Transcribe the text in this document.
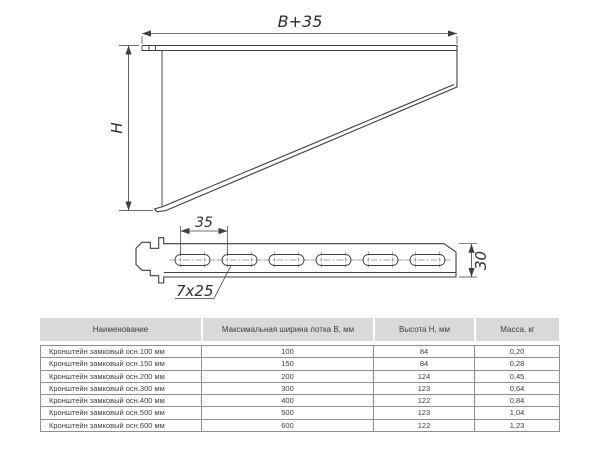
B+35
H
35
7x25
30
Наименование	Максимальная ширина лотка В, мм	Высота Н, мм	Масса, кг
Кронштейн замковый осн.100 мм	100	84	0,20
Кронштейн замковый осн.150 мм	150	84	0,28
Кронштейн замковый осн.200 мм	200	124	0,45
Кронштейн замковый осн.300 мм	300	123	0,64
Кронштейн замковый осн.400 мм	400	122	0,84
Кронштейн замковый осн.500 мм	500	123	1,04
Кронштейн замковый осн.600 мм	600	122	1,23
